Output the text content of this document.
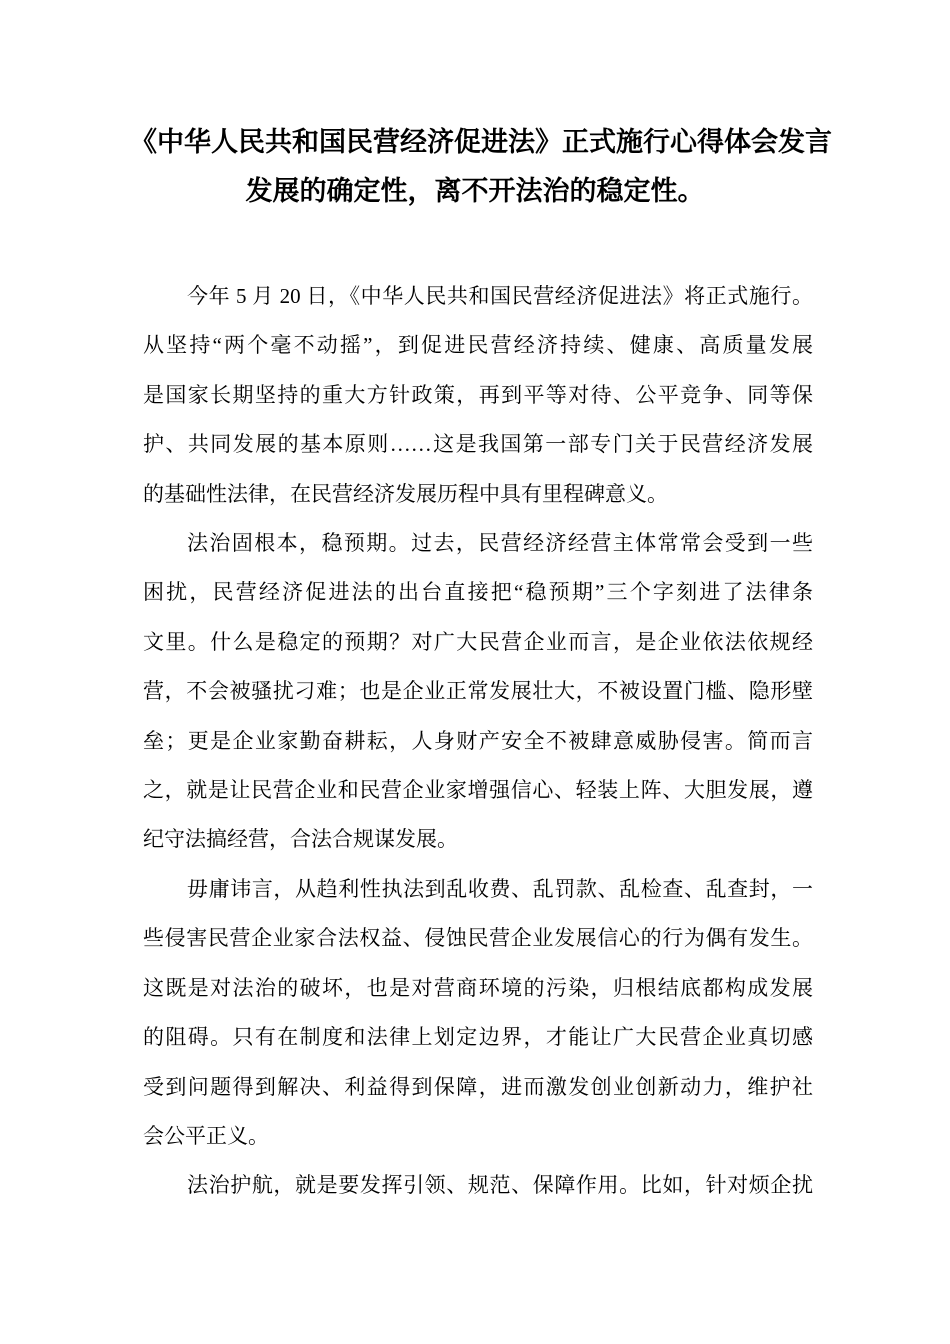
《中华人民共和国民营经济促进法》正式施行心得体会发言
发展的确定性，离不开法治的稳定性。
今年 5 月 20 日，《中华人民共和国民营经济促进法》将正式施行。
从坚持“两个毫不动摇”，到促进民营经济持续、健康、高质量发展
是国家长期坚持的重大方针政策，再到平等对待、公平竞争、同等保
护、共同发展的基本原则……这是我国第一部专门关于民营经济发展
的基础性法律，在民营经济发展历程中具有里程碑意义。
法治固根本，稳预期。过去，民营经济经营主体常常会受到一些
困扰，民营经济促进法的出台直接把“稳预期”三个字刻进了法律条
文里。什么是稳定的预期？对广大民营企业而言，是企业依法依规经
营，不会被骚扰刁难；也是企业正常发展壮大，不被设置门槛、隐形壁
垒；更是企业家勤奋耕耘，人身财产安全不被肆意威胁侵害。简而言
之，就是让民营企业和民营企业家增强信心、轻装上阵、大胆发展，遵
纪守法搞经营，合法合规谋发展。
毋庸讳言，从趋利性执法到乱收费、乱罚款、乱检查、乱查封，一
些侵害民营企业家合法权益、侵蚀民营企业发展信心的行为偶有发生。
这既是对法治的破坏，也是对营商环境的污染，归根结底都构成发展
的阻碍。只有在制度和法律上划定边界，才能让广大民营企业真切感
受到问题得到解决、利益得到保障，进而激发创业创新动力，维护社
会公平正义。
法治护航，就是要发挥引领、规范、保障作用。比如，针对烦企扰
